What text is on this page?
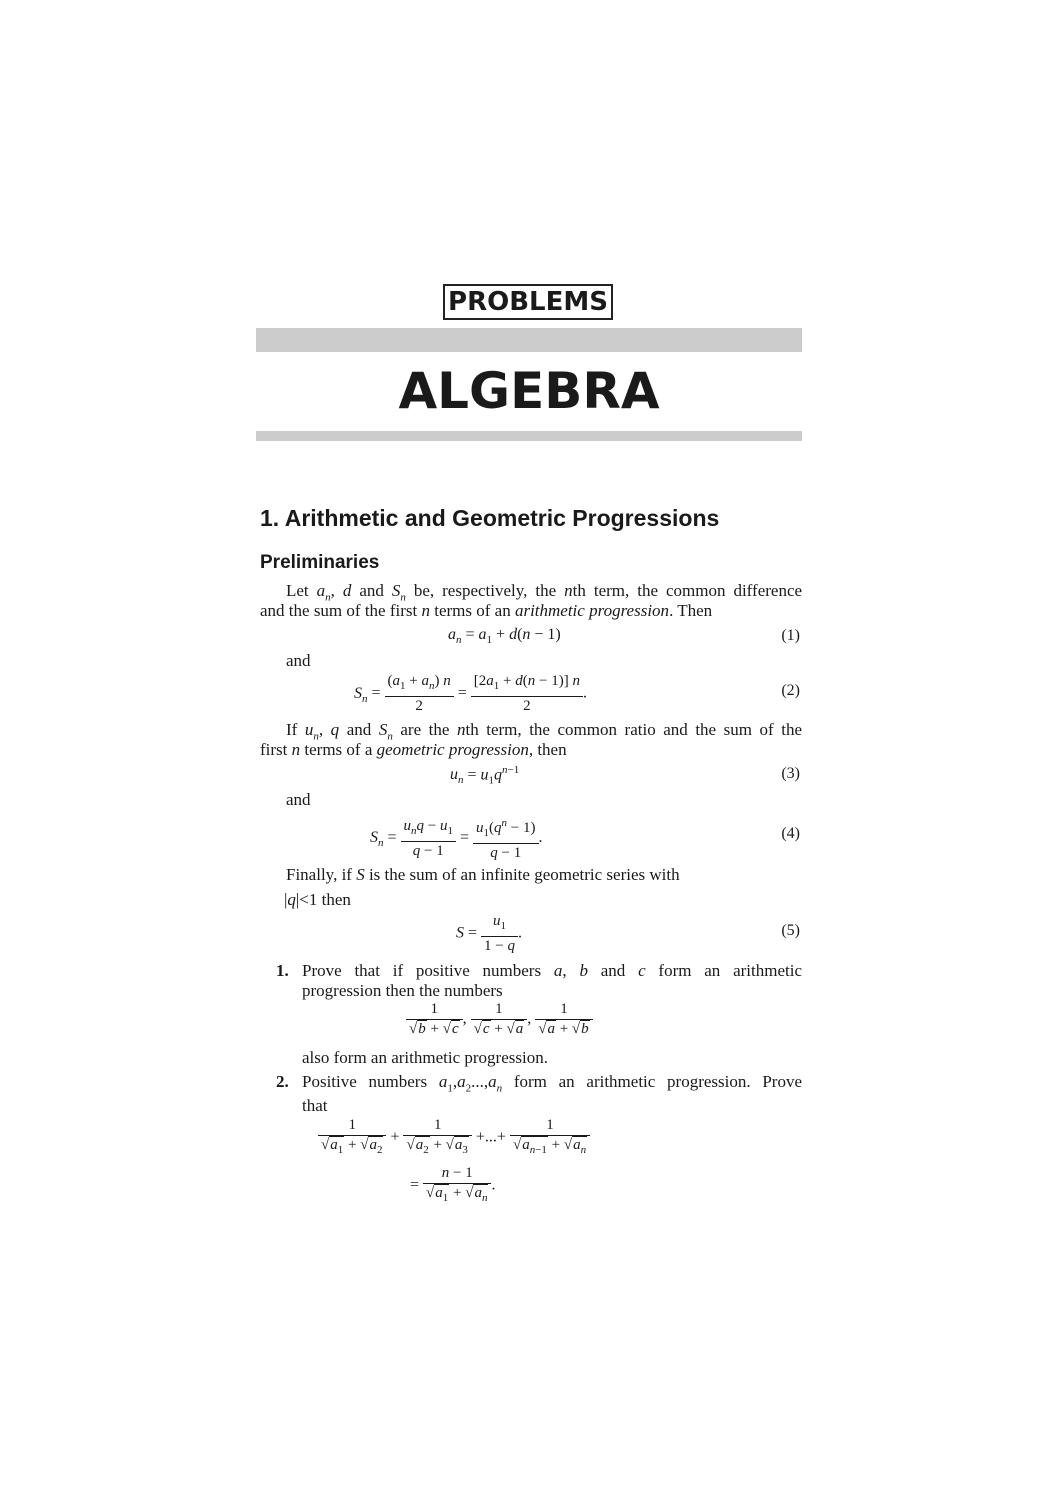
PROBLEMS
ALGEBRA
1. Arithmetic and Geometric Progressions
Preliminaries
Let $a_n$, d and $S_n$ be, respectively, the nth term, the common difference
and the sum of the first n terms of an arithmetic progression. Then
$a_n = a_1 + d(n - 1)$	(1)
and
$S_n = \frac{(a_1 + a_n) n}{2} = \frac{[2a_1 + d(n - 1)] n}{2}$ .	(2)
If $u_n$, q and $S_n$ are the nth term, the common ratio and the sum of the
first n terms of a geometric progression, then
$u_n = u_1q^{n-1}$	(3)
and
$S_n = \frac{u_nq - u_1}{q - 1} = \frac{u_1(q^n - 1)}{q - 1}$ .	(4)
Finally, if S is the sum of an infinite geometric series with
|q|<1 then
$S = \frac{u_1}{1 - q}$ .	(5)
1. Prove that if positive numbers a, b and c form an arithmetic
progression then the numbers
$\frac{1}{√b + √c}$ , $\frac{1}{√c + √a}$ , $\frac{1}{√a + √b}$
also form an arithmetic progression.
2. Positive numbers $a_1,a_2...,a_n$ form an arithmetic progression. Prove
that
$\frac{1}{√a_1 + √a_2} + \frac{1}{√a_2 + √a_3}$ +...+ $\frac{1}{√a_{n-1} + √a_n}$
= $\frac{n - 1}{√a_1 + √a_n}$ .
